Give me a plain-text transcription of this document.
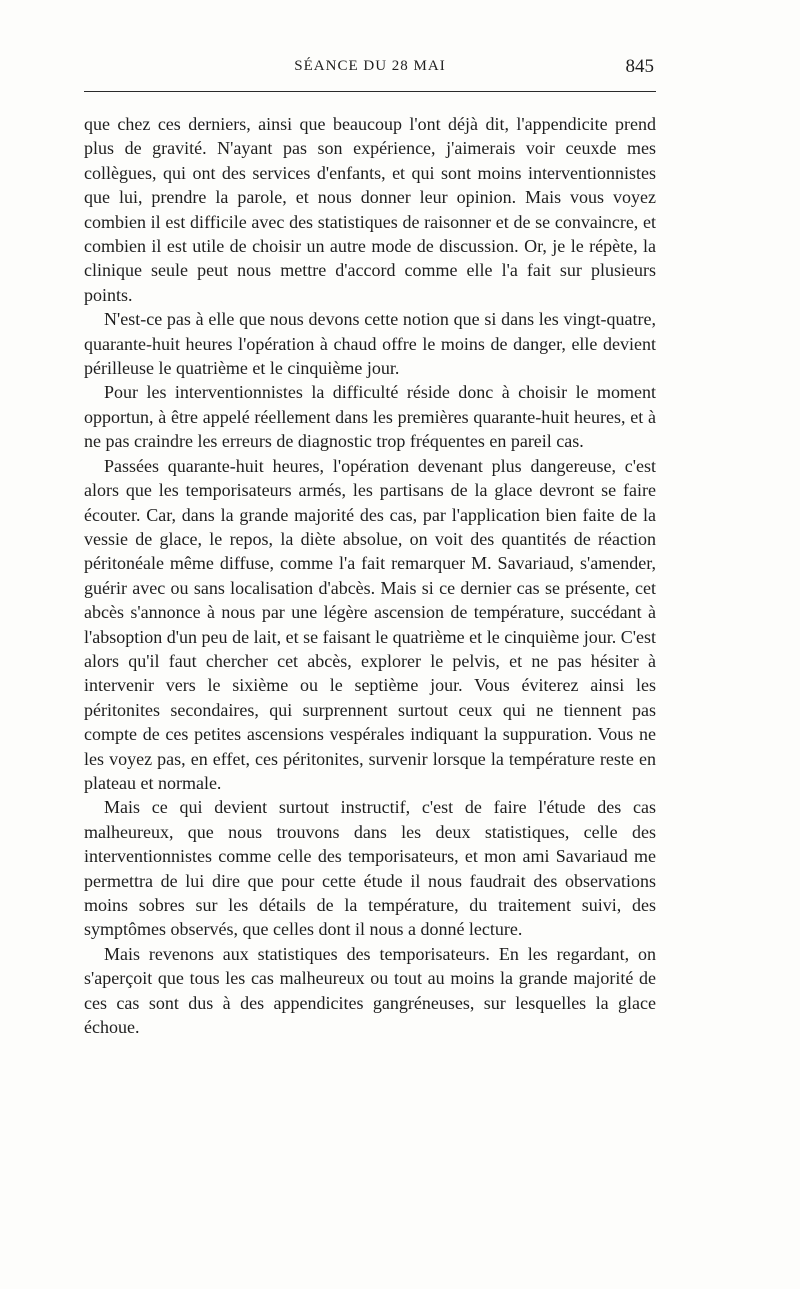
SÉANCE DU 28 MAI	845

que chez ces derniers, ainsi que beaucoup l'ont déjà dit, l'appendicite prend plus de gravité. N'ayant pas son expérience, j'aimerais voir ceuxde mes collègues, qui ont des services d'enfants, et qui sont moins interventionnistes que lui, prendre la parole, et nous donner leur opinion. Mais vous voyez combien il est difficile avec des statistiques de raisonner et de se convaincre, et combien il est utile de choisir un autre mode de discussion. Or, je le répète, la clinique seule peut nous mettre d'accord comme elle l'a fait sur plusieurs points.

N'est-ce pas à elle que nous devons cette notion que si dans les vingt-quatre, quarante-huit heures l'opération à chaud offre le moins de danger, elle devient périlleuse le quatrième et le cinquième jour.

Pour les interventionnistes la difficulté réside donc à choisir le moment opportun, à être appelé réellement dans les premières quarante-huit heures, et à ne pas craindre les erreurs de diagnostic trop fréquentes en pareil cas.

Passées quarante-huit heures, l'opération devenant plus dangereuse, c'est alors que les temporisateurs armés, les partisans de la glace devront se faire écouter. Car, dans la grande majorité des cas, par l'application bien faite de la vessie de glace, le repos, la diète absolue, on voit des quantités de réaction péritonéale même diffuse, comme l'a fait remarquer M. Savariaud, s'amender, guérir avec ou sans localisation d'abcès. Mais si ce dernier cas se présente, cet abcès s'annonce à nous par une légère ascension de température, succédant à l'absoption d'un peu de lait, et se faisant le quatrième et le cinquième jour. C'est alors qu'il faut chercher cet abcès, explorer le pelvis, et ne pas hésiter à intervenir vers le sixième ou le septième jour. Vous éviterez ainsi les péritonites secondaires, qui surprennent surtout ceux qui ne tiennent pas compte de ces petites ascensions vespérales indiquant la suppuration. Vous ne les voyez pas, en effet, ces péritonites, survenir lorsque la température reste en plateau et normale.

Mais ce qui devient surtout instructif, c'est de faire l'étude des cas malheureux, que nous trouvons dans les deux statistiques, celle des interventionnistes comme celle des temporisateurs, et mon ami Savariaud me permettra de lui dire que pour cette étude il nous faudrait des observations moins sobres sur les détails de la température, du traitement suivi, des symptômes observés, que celles dont il nous a donné lecture.

Mais revenons aux statistiques des temporisateurs. En les regardant, on s'aperçoit que tous les cas malheureux ou tout au moins la grande majorité de ces cas sont dus à des appendicites gangréneuses, sur lesquelles la glace échoue.
